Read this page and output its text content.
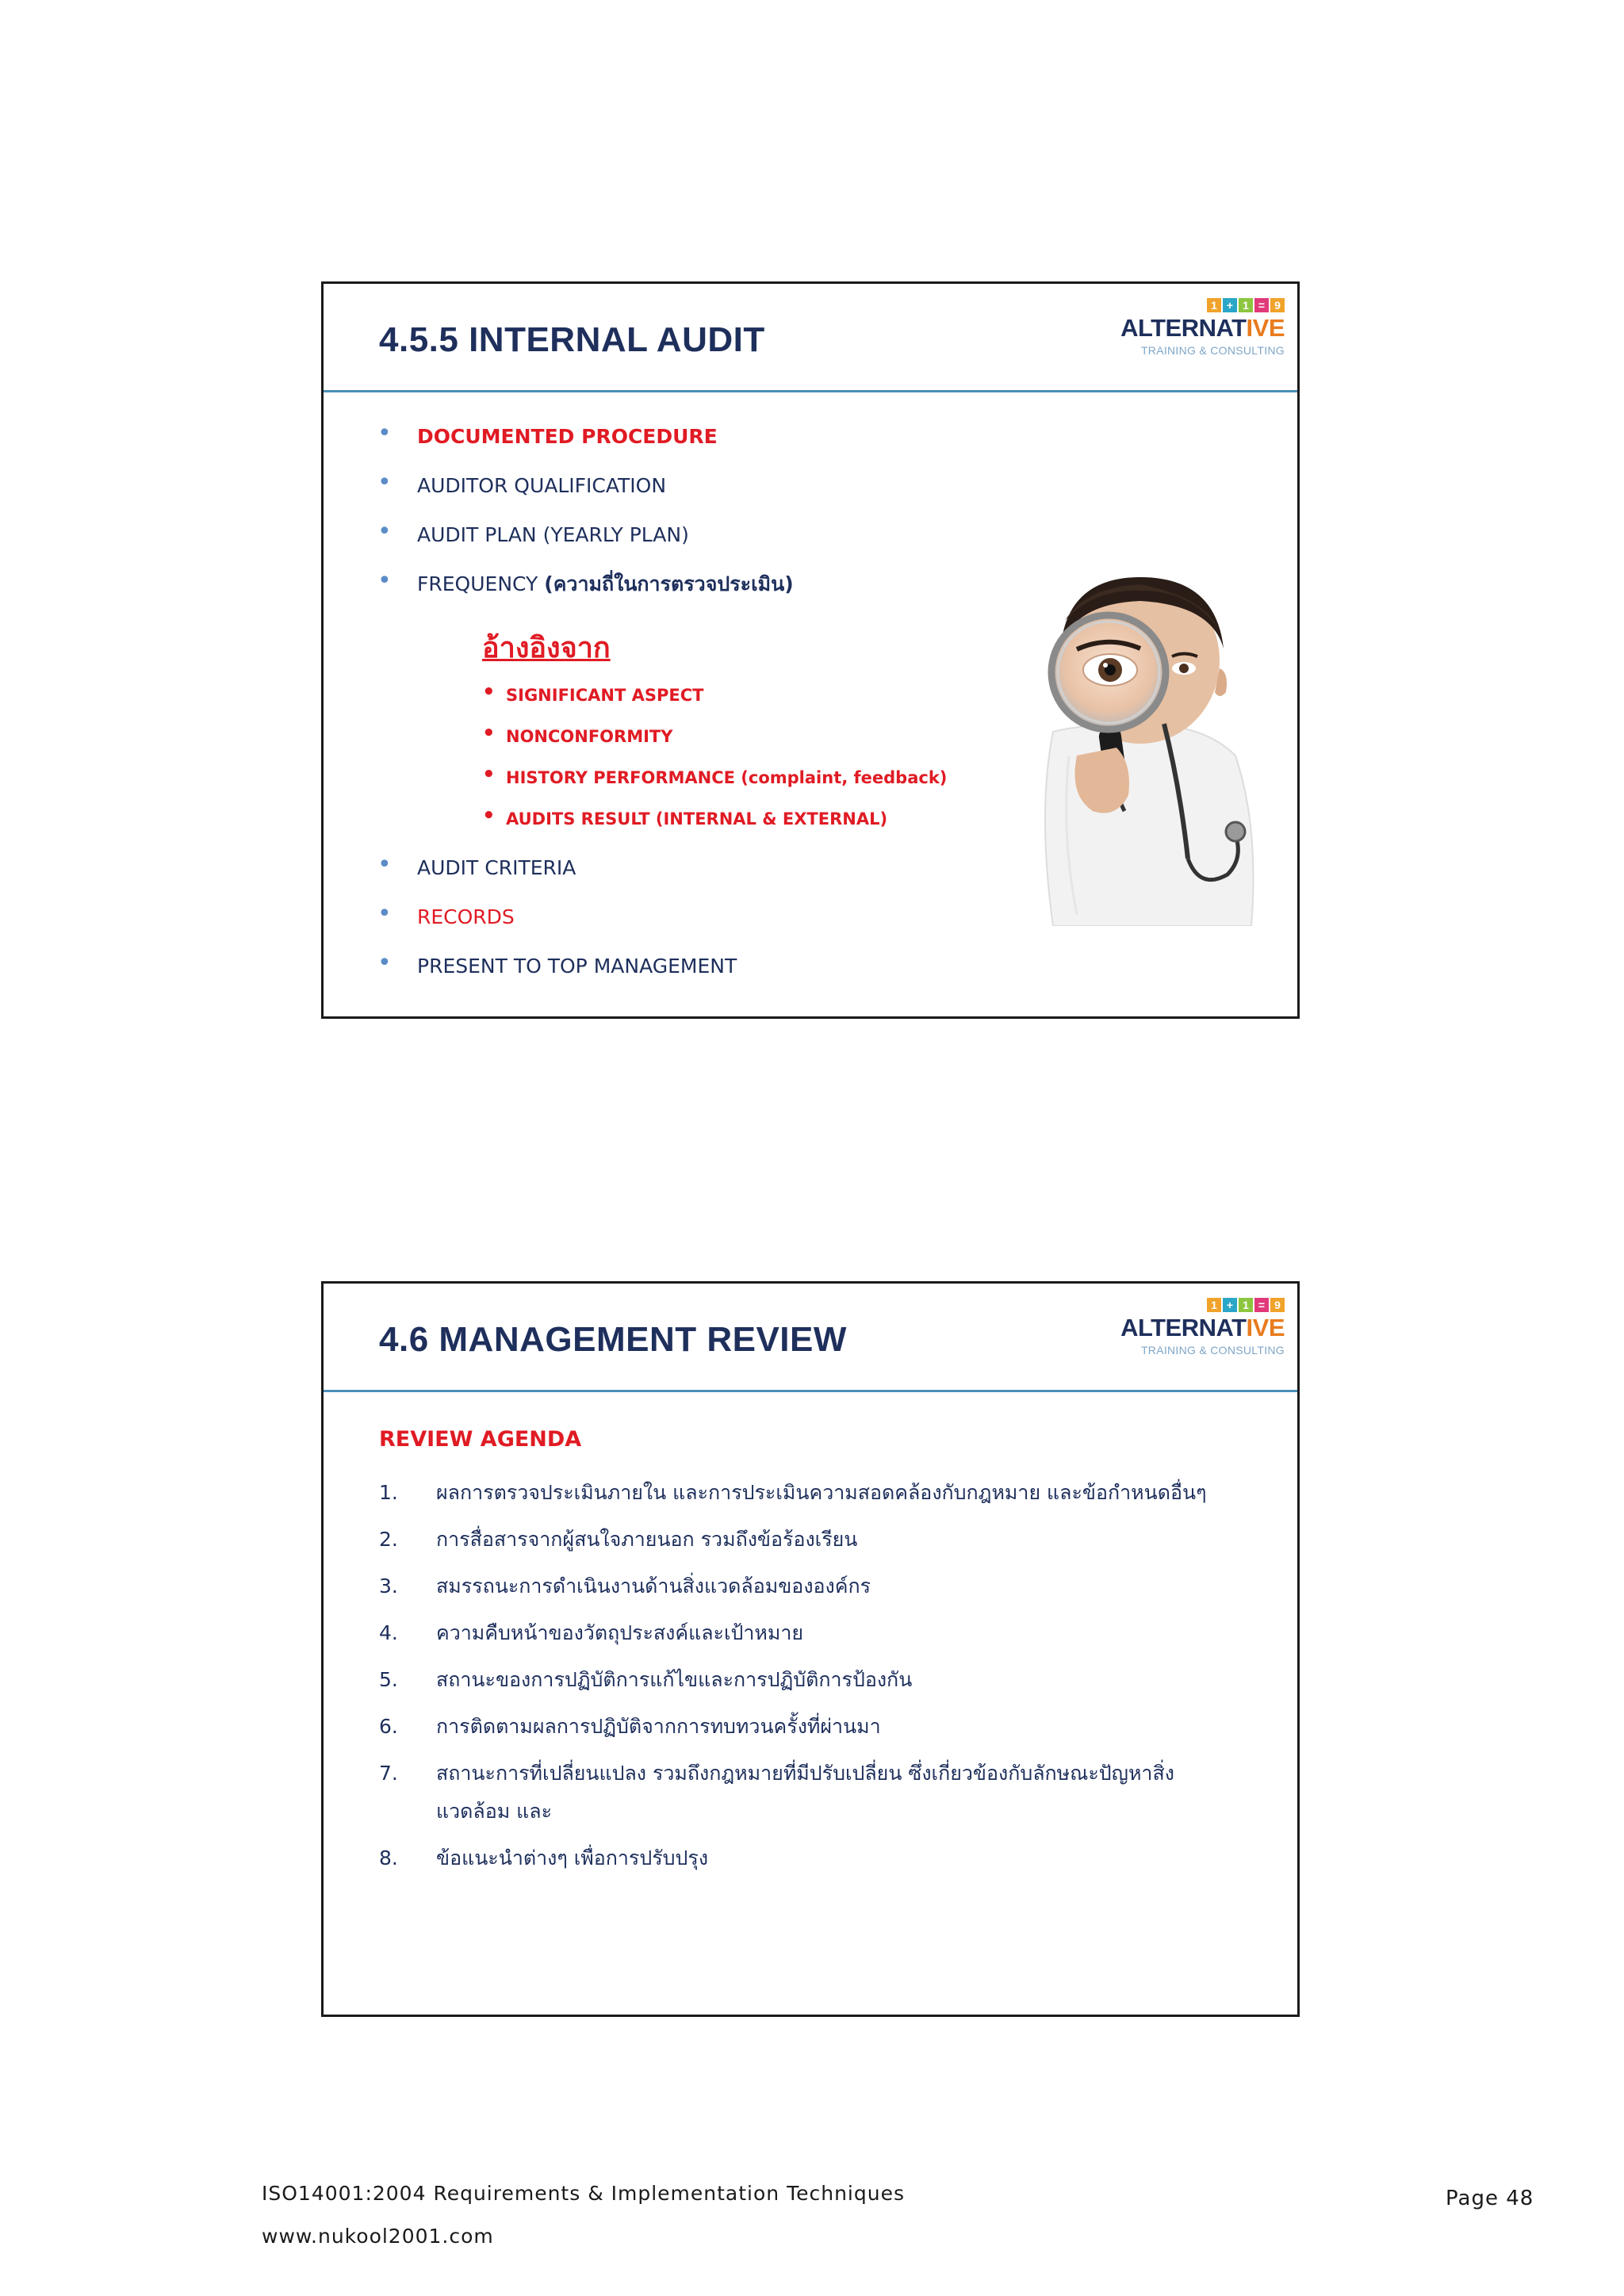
4.5.5 INTERNAL AUDIT
1 + 1 = 9
ALTERNATIVE
TRAINING & CONSULTING
• DOCUMENTED PROCEDURE
• AUDITOR QUALIFICATION
• AUDIT PLAN (YEARLY PLAN)
• FREQUENCY (ความถี่ในการตรวจประเมิน)
อ้างอิงจาก
• SIGNIFICANT ASPECT
• NONCONFORMITY
• HISTORY PERFORMANCE (complaint, feedback)
• AUDITS RESULT (INTERNAL & EXTERNAL)
• AUDIT CRITERIA
• RECORDS
• PRESENT TO TOP MANAGEMENT
4.6 MANAGEMENT REVIEW
1 + 1 = 9
ALTERNATIVE
TRAINING & CONSULTING
REVIEW AGENDA
1. ผลการตรวจประเมินภายใน และการประเมินความสอดคล้องกับกฎหมาย และข้อกำหนดอื่นๆ
2. การสื่อสารจากผู้สนใจภายนอก รวมถึงข้อร้องเรียน
3. สมรรถนะการดำเนินงานด้านสิ่งแวดล้อมขององค์กร
4. ความคืบหน้าของวัตถุประสงค์และเป้าหมาย
5. สถานะของการปฏิบัติการแก้ไขและการปฏิบัติการป้องกัน
6. การติดตามผลการปฏิบัติจากการทบทวนครั้งที่ผ่านมา
7. สถานะการที่เปลี่ยนแปลง รวมถึงกฎหมายที่มีปรับเปลี่ยน ซึ่งเกี่ยวข้องกับลักษณะปัญหาสิ่งแวดล้อม และ
8. ข้อแนะนำต่างๆ เพื่อการปรับปรุง
ISO14001:2004 Requirements & Implementation Techniques
www.nukool2001.com
Page 48
